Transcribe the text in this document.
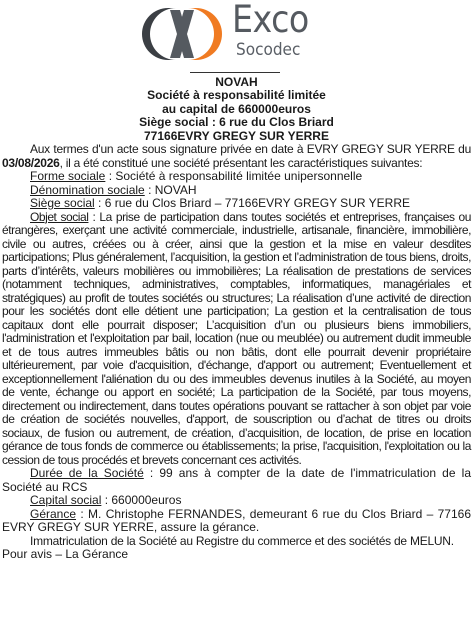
Exco
Socodec
NOVAH
Société à responsabilité limitée
au capital de 660000euros
Siège social : 6 rue du Clos Briard
77166EVRY GREGY SUR YERRE

Aux termes d'un acte sous signature privée en date à EVRY GREGY SUR YERRE du 03/08/2026, il a été constitué une société présentant les caractéristiques suivantes:

Forme sociale : Société à responsabilité limitée unipersonnelle

Dénomination sociale : NOVAH

Siège social : 6 rue du Clos Briard – 77166EVRY GREGY SUR YERRE

Objet social : La prise de participation dans toutes sociétés et entreprises, françaises ou étrangères, exerçant une activité commerciale, industrielle, artisanale, financière, immobilière, civile ou autres, créées ou à créer, ainsi que la gestion et la mise en valeur desdites participations; Plus généralement, l’acquisition, la gestion et l’administration de tous biens, droits, parts d’intérêts, valeurs mobilières ou immobilières; La réalisation de prestations de services (notamment techniques, administratives, comptables, informatiques, managériales et stratégiques) au profit de toutes sociétés ou structures; La réalisation d’une activité de direction pour les sociétés dont elle détient une participation; La gestion et la centralisation de tous capitaux dont elle pourrait disposer; L’acquisition d’un ou plusieurs biens immobiliers, l'administration et l'exploitation par bail, location (nue ou meublée) ou autrement dudit immeuble et de tous autres immeubles bâtis ou non bâtis, dont elle pourrait devenir propriétaire ultérieurement, par voie d'acquisition, d'échange, d'apport ou autrement; Eventuellement et exceptionnellement l'aliénation du ou des immeubles devenus inutiles à la Société, au moyen de vente, échange ou apport en société; La participation de la Société, par tous moyens, directement ou indirectement, dans toutes opérations pouvant se rattacher à son objet par voie de création de sociétés nouvelles, d'apport, de souscription ou d’achat de titres ou droits sociaux, de fusion ou autrement, de création, d’acquisition, de location, de prise en location gérance de tous fonds de commerce ou établissements; la prise, l'acquisition, l'exploitation ou la cession de tous procédés et brevets concernant ces activités.

Durée de la Société : 99 ans à compter de la date de l'immatriculation de la Société au RCS

Capital social : 660000euros

Gérance : M. Christophe FERNANDES, demeurant 6 rue du Clos Briard – 77166 EVRY GREGY SUR YERRE, assure la gérance.

Immatriculation de la Société au Registre du commerce et des sociétés de MELUN.

Pour avis – La Gérance
